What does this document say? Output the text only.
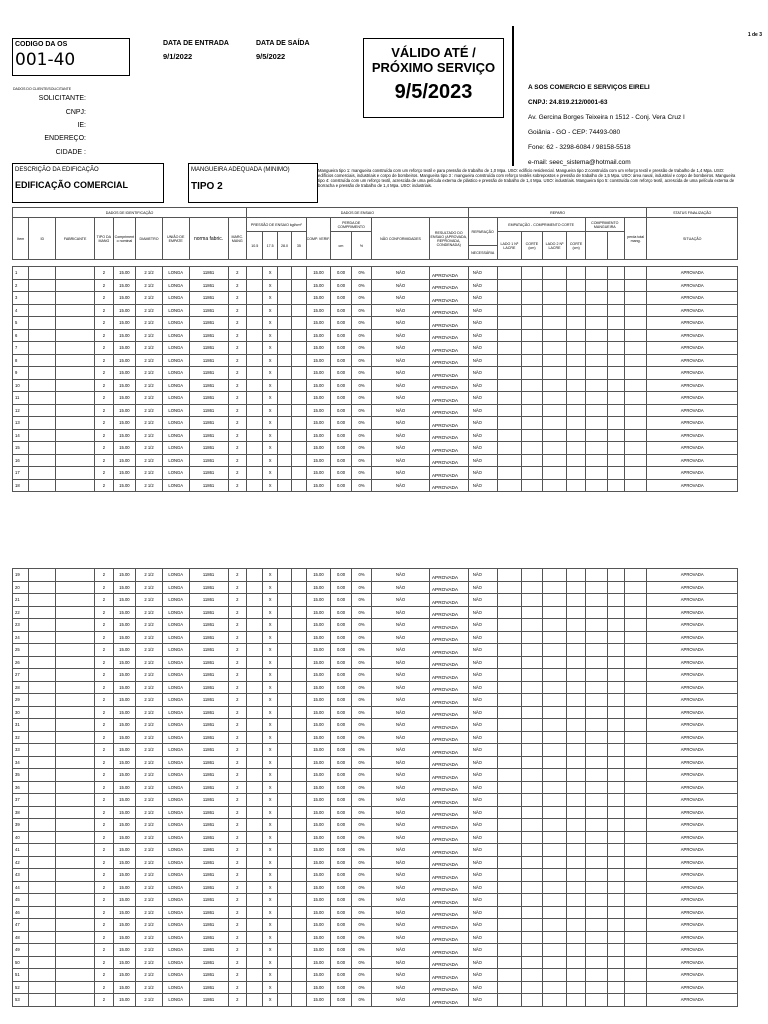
1 de 3
CODIGO DA OS
001-40
DATA DE ENTRADA
9/1/2022
DATA DE SAÍDA
9/5/2022	VÁLIDO ATÉ /
PRÓXIMO SERVIÇO
9/5/2023	A SOS COMERCIO E SERVIÇOS EIRELI
CNPJ: 24.819.212/0001-63
Av. Gercina Borges Teixeira n 1512 - Conj. Vera Cruz I
Goiânia - GO - CEP: 74493-080
Fone: 62 - 3298-6084 / 98158-5518
e-mail: seec_sistema@hotmail.com
DADOS DO CLIENTE/SOLICITANTE
SOLICITANTE:
CNPJ:
IE:
ENDEREÇO:
CIDADE :
DESCRIÇÃO DA EDIFICAÇÃO
EDIFICAÇÃO COMERCIAL
MANGUEIRA ADEQUADA (MINIMO)
TIPO 2
Mangueira tipo 1: mangueira construída com um reforço textil e para pressão de trabalho de 1,0 Mpa. USO: edifício residencial. Mangueira tipo 2:construída com um reforço textil e pressão de trabalho de 1,4 Mpa. USO: edifícios comerciais, industriais e corpo de bombeiros. Mangueira tipo 3 : mangueira construída com reforço textéis sobrepostos e pressão de trabalho de 1,5 Mpa. USO: área naval, industrial e corpo de bombeiros. Mangueira tipo 4: construída com um reforço textil, acrescida de uma película externa de plástico e pressão de trabalho de 1,4 Mpa. USO: industriais. Mangueira tipo 5: construída com reforço textil, acrescida de uma película externa de borracha e pressão de trabalho de 1,4 Mpa. USO: industriais.
DADOS DE IDENTIFICAÇÃO									DADOS DE ENSAIO									REPARO								STATUS FINALIZAÇÃO
Item	ID	FABRICANTE	TIPO DA MANG	Compriment o nominal	DIAMETRO	UNIÃO DE EMPATE	norma fabric.	MARC. MANG	PRESSÃO DE ENSAIO kgf/cm²				COMP. VERIF.	PERDA DE COMPRIMENTO		NÃO CONFORMIDADES	RESULTADO DO ENSAIO (APROVADA, REPROVADA, CONDENADA)	REPARAÇÃO	EMPATAÇÃO - COMPRIMENTO CORTE				COMPRIMENTO MANGUEIRA		perda total mang.	SITUAÇÃO
									10.5	17.5	28.0	35		cm	%				LADO 1 Nº LACRE	CORTE (cm)	LADO 2 Nº LACRE	CORTE (cm)				
																		NECESSÁRIA								

1			2	15.00	2 1/2	LONGA	11861	2		X			15.00	0.00	0%	NÃO	APROVADA	NÃO								APROVADA
2			2	15.00	2 1/2	LONGA	11861	2		X			15.00	0.00	0%	NÃO	APROVADA	NÃO								APROVADA
3			2	15.00	2 1/2	LONGA	11861	2		X			15.00	0.00	0%	NÃO	APROVADA	NÃO								APROVADA
4			2	15.00	2 1/2	LONGA	11861	2		X			15.00	0.00	0%	NÃO	APROVADA	NÃO								APROVADA
5			2	15.00	2 1/2	LONGA	11861	2		X			15.00	0.00	0%	NÃO	APROVADA	NÃO								APROVADA
6			2	15.00	2 1/2	LONGA	11861	2		X			15.00	0.00	0%	NÃO	APROVADA	NÃO								APROVADA
7			2	15.00	2 1/2	LONGA	11861	2		X			15.00	0.00	0%	NÃO	APROVADA	NÃO								APROVADA
8			2	15.00	2 1/2	LONGA	11861	2		X			15.00	0.00	0%	NÃO	APROVADA	NÃO								APROVADA
9			2	15.00	2 1/2	LONGA	11861	2		X			15.00	0.00	0%	NÃO	APROVADA	NÃO								APROVADA
10			2	15.00	2 1/2	LONGA	11861	2		X			15.00	0.00	0%	NÃO	APROVADA	NÃO								APROVADA
11			2	15.00	2 1/2	LONGA	11861	2		X			15.00	0.00	0%	NÃO	APROVADA	NÃO								APROVADA
12			2	15.00	2 1/2	LONGA	11861	2		X			15.00	0.00	0%	NÃO	APROVADA	NÃO								APROVADA
13			2	15.00	2 1/2	LONGA	11861	2		X			15.00	0.00	0%	NÃO	APROVADA	NÃO								APROVADA
14			2	15.00	2 1/2	LONGA	11861	2		X			15.00	0.00	0%	NÃO	APROVADA	NÃO								APROVADA
15			2	15.00	2 1/2	LONGA	11861	2		X			15.00	0.00	0%	NÃO	APROVADA	NÃO								APROVADA
16			2	15.00	2 1/2	LONGA	11861	2		X			15.00	0.00	0%	NÃO	APROVADA	NÃO								APROVADA
17			2	15.00	2 1/2	LONGA	11861	2		X			15.00	0.00	0%	NÃO	APROVADA	NÃO								APROVADA
18			2	15.00	2 1/2	LONGA	11861	2		X			15.00	0.00	0%	NÃO	APROVADA	NÃO								APROVADA
19			2	15.00	2 1/2	LONGA	11861	2		X			15.00	0.00	0%	NÃO	APROVADA	NÃO								APROVADA
20			2	15.00	2 1/2	LONGA	11861	2		X			15.00	0.00	0%	NÃO	APROVADA	NÃO								APROVADA
21			2	15.00	2 1/2	LONGA	11861	2		X			15.00	0.00	0%	NÃO	APROVADA	NÃO								APROVADA
22			2	15.00	2 1/2	LONGA	11861	2		X			15.00	0.00	0%	NÃO	APROVADA	NÃO								APROVADA
23			2	15.00	2 1/2	LONGA	11861	2		X			15.00	0.00	0%	NÃO	APROVADA	NÃO								APROVADA
24			2	15.00	2 1/2	LONGA	11861	2		X			15.00	0.00	0%	NÃO	APROVADA	NÃO								APROVADA
25			2	15.00	2 1/2	LONGA	11861	2		X			15.00	0.00	0%	NÃO	APROVADA	NÃO								APROVADA
26			2	15.00	2 1/2	LONGA	11861	2		X			15.00	0.00	0%	NÃO	APROVADA	NÃO								APROVADA
27			2	15.00	2 1/2	LONGA	11861	2		X			15.00	0.00	0%	NÃO	APROVADA	NÃO								APROVADA
28			2	15.00	2 1/2	LONGA	11861	2		X			15.00	0.00	0%	NÃO	APROVADA	NÃO								APROVADA
29			2	15.00	2 1/2	LONGA	11861	2		X			15.00	0.00	0%	NÃO	APROVADA	NÃO								APROVADA
30			2	15.00	2 1/2	LONGA	11861	2		X			15.00	0.00	0%	NÃO	APROVADA	NÃO								APROVADA
31			2	15.00	2 1/2	LONGA	11861	2		X			15.00	0.00	0%	NÃO	APROVADA	NÃO								APROVADA
32			2	15.00	2 1/2	LONGA	11861	2		X			15.00	0.00	0%	NÃO	APROVADA	NÃO								APROVADA
33			2	15.00	2 1/2	LONGA	11861	2		X			15.00	0.00	0%	NÃO	APROVADA	NÃO								APROVADA
34			2	15.00	2 1/2	LONGA	11861	2		X			15.00	0.00	0%	NÃO	APROVADA	NÃO								APROVADA
35			2	15.00	2 1/2	LONGA	11861	2		X			15.00	0.00	0%	NÃO	APROVADA	NÃO								APROVADA
36			2	15.00	2 1/2	LONGA	11861	2		X			15.00	0.00	0%	NÃO	APROVADA	NÃO								APROVADA
37			2	15.00	2 1/2	LONGA	11861	2		X			15.00	0.00	0%	NÃO	APROVADA	NÃO								APROVADA
38			2	15.00	2 1/2	LONGA	11861	2		X			15.00	0.00	0%	NÃO	APROVADA	NÃO								APROVADA
39			2	15.00	2 1/2	LONGA	11861	2		X			15.00	0.00	0%	NÃO	APROVADA	NÃO								APROVADA
40			2	15.00	2 1/2	LONGA	11861	2		X			15.00	0.00	0%	NÃO	APROVADA	NÃO								APROVADA
41			2	15.00	2 1/2	LONGA	11861	2		X			15.00	0.00	0%	NÃO	APROVADA	NÃO								APROVADA
42			2	15.00	2 1/2	LONGA	11861	2		X			15.00	0.00	0%	NÃO	APROVADA	NÃO								APROVADA
43			2	15.00	2 1/2	LONGA	11861	2		X			15.00	0.00	0%	NÃO	APROVADA	NÃO								APROVADA
44			2	15.00	2 1/2	LONGA	11861	2		X			15.00	0.00	0%	NÃO	APROVADA	NÃO								APROVADA
45			2	15.00	2 1/2	LONGA	11861	2		X			15.00	0.00	0%	NÃO	APROVADA	NÃO								APROVADA
46			2	15.00	2 1/2	LONGA	11861	2		X			15.00	0.00	0%	NÃO	APROVADA	NÃO								APROVADA
47			2	15.00	2 1/2	LONGA	11861	2		X			15.00	0.00	0%	NÃO	APROVADA	NÃO								APROVADA
48			2	15.00	2 1/2	LONGA	11861	2		X			15.00	0.00	0%	NÃO	APROVADA	NÃO								APROVADA
49			2	15.00	2 1/2	LONGA	11861	2		X			15.00	0.00	0%	NÃO	APROVADA	NÃO								APROVADA
50			2	15.00	2 1/2	LONGA	11861	2		X			15.00	0.00	0%	NÃO	APROVADA	NÃO								APROVADA
51			2	15.00	2 1/2	LONGA	11861	2		X			15.00	0.00	0%	NÃO	APROVADA	NÃO								APROVADA
52			2	15.00	2 1/2	LONGA	11861	2		X			15.00	0.00	0%	NÃO	APROVADA	NÃO								APROVADA
53			2	15.00	2 1/2	LONGA	11861	2		X			15.00	0.00	0%	NÃO	APROVADA	NÃO								APROVADA
